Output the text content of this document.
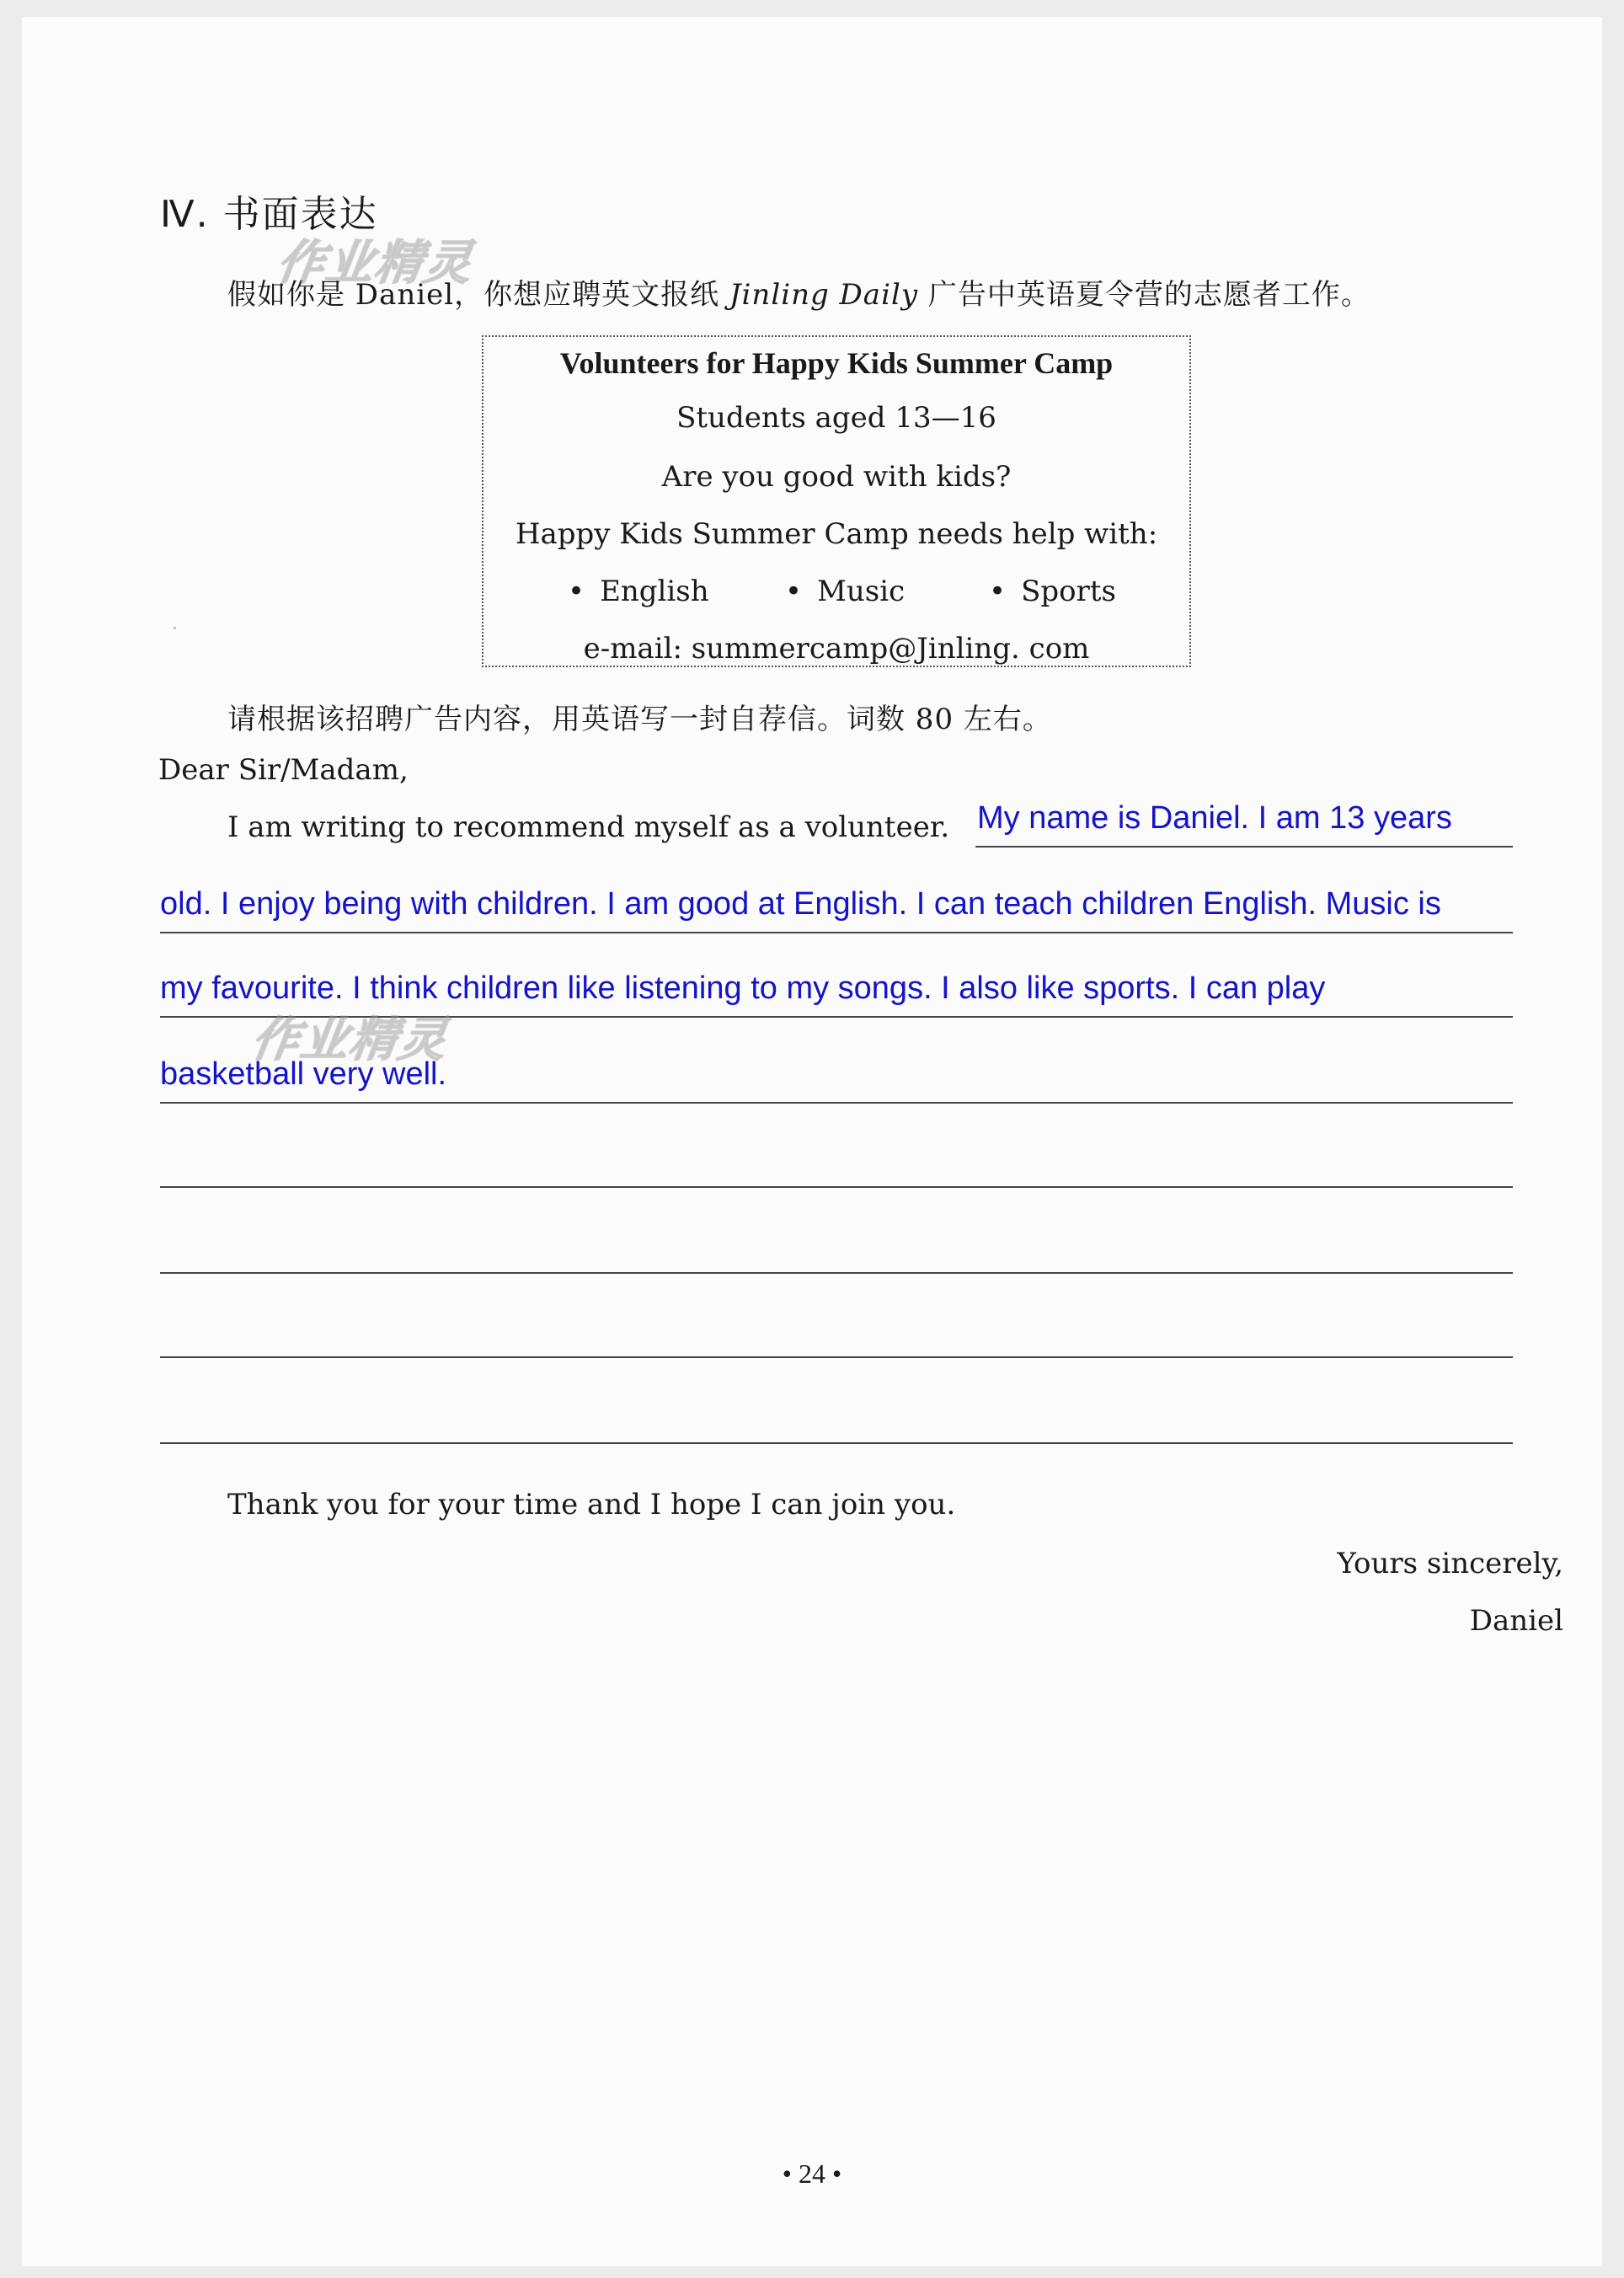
Ⅳ. 书面表达
假如你是 Daniel，你想应聘英文报纸 Jinling Daily 广告中英语夏令营的志愿者工作。
Volunteers for Happy Kids Summer Camp
Students aged 13—16
Are you good with kids?
Happy Kids Summer Camp needs help with:
• English	• Music	• Sports
e-mail: summercamp@Jinling. com
请根据该招聘广告内容，用英语写一封自荐信。词数 80 左右。
Dear Sir/Madam,
I am writing to recommend myself as a volunteer. My name is Daniel. I am 13 years
old. I enjoy being with children. I am good at English. I can teach children English. Music is
my favourite. I think children like listening to my songs. I also like sports. I can play
basketball very well.
Thank you for your time and I hope I can join you.
Yours sincerely,
Daniel
• 24 •
作业精灵
作业精灵
